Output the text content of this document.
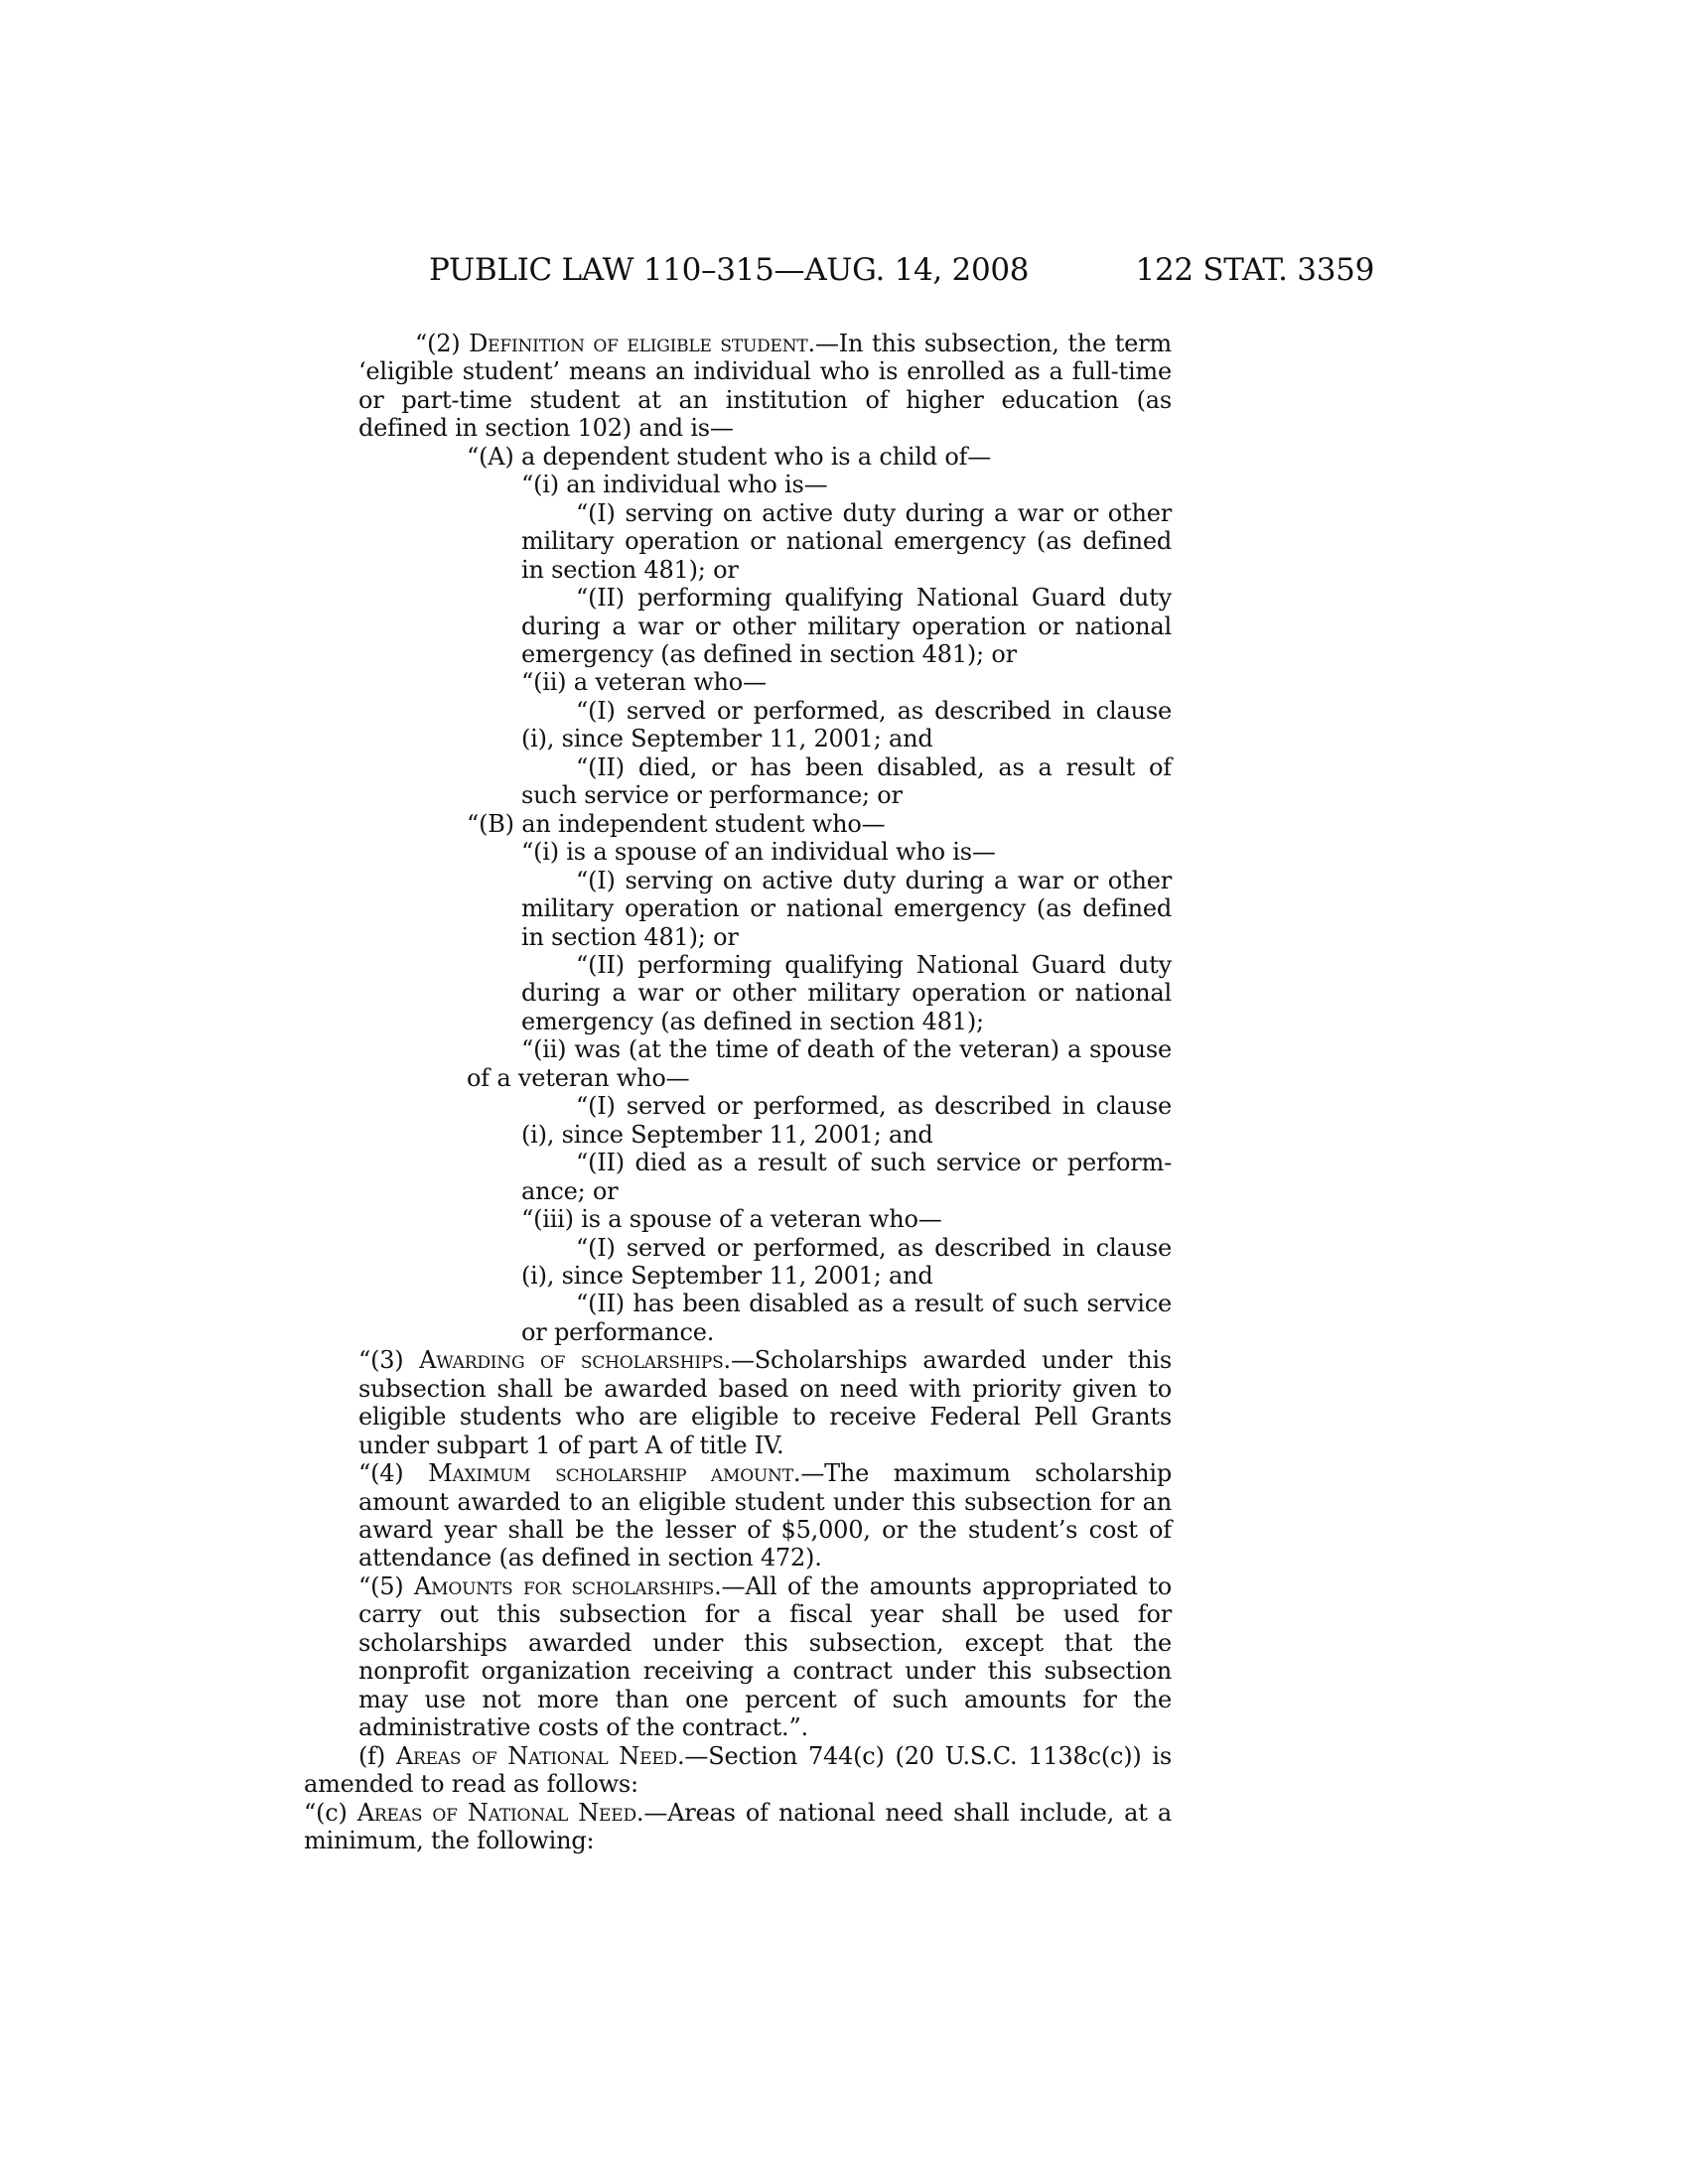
PUBLIC LAW 110–315—AUG. 14, 2008	122 STAT. 3359

“(2) Definition of eligible student.—In this subsection, the term ‘eligible student’ means an individual who is enrolled as a full-time or part-time student at an institution of higher education (as defined in section 102) and is—

“(A) a dependent student who is a child of—

“(i) an individual who is—

“(I) serving on active duty during a war or other military operation or national emergency (as defined in section 481); or

“(II) performing qualifying National Guard duty during a war or other military operation or national emergency (as defined in section 481); or

“(ii) a veteran who—

“(I) served or performed, as described in clause (i), since September 11, 2001; and

“(II) died, or has been disabled, as a result of such service or performance; or

“(B) an independent student who—

“(i) is a spouse of an individual who is—

“(I) serving on active duty during a war or other military operation or national emergency (as defined in section 481); or

“(II) performing qualifying National Guard duty during a war or other military operation or national emergency (as defined in section 481);

“(ii) was (at the time of death of the veteran) a spouse of a veteran who—

“(I) served or performed, as described in clause (i), since September 11, 2001; and

“(II) died as a result of such service or perform- ance; or

“(iii) is a spouse of a veteran who—

“(I) served or performed, as described in clause (i), since September 11, 2001; and

“(II) has been disabled as a result of such service or performance.

“(3) Awarding of scholarships.—Scholarships awarded under this subsection shall be awarded based on need with priority given to eligible students who are eligible to receive Federal Pell Grants under subpart 1 of part A of title IV.

“(4) Maximum scholarship amount.—The maximum scholarship amount awarded to an eligible student under this subsection for an award year shall be the lesser of $5,000, or the student’s cost of attendance (as defined in section 472).

“(5) Amounts for scholarships.—All of the amounts appropriated to carry out this subsection for a fiscal year shall be used for scholarships awarded under this subsection, except that the nonprofit organization receiving a contract under this subsection may use not more than one percent of such amounts for the administrative costs of the contract.”.

(f) Areas of National Need.—Section 744(c) (20 U.S.C. 1138c(c)) is amended to read as follows:

“(c) Areas of National Need.—Areas of national need shall include, at a minimum, the following:
